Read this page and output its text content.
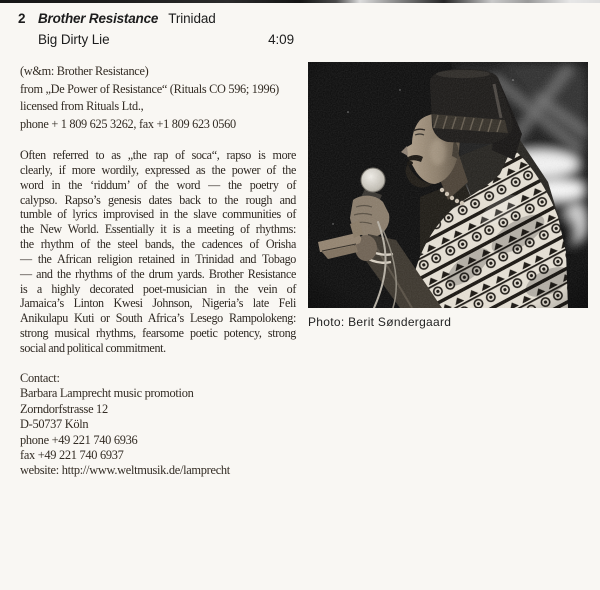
2 Brother Resistance Trinidad
Big Dirty Lie	4:09
(w&m: Brother Resistance)
from „De Power of Resistance“ (Rituals CO 596; 1996)
licensed from Rituals Ltd.,
phone + 1 809 625 3262, fax +1 809 623 0560
Often referred to as „the rap of soca“, rapso is more
clearly, if more wordily, expressed as the power of the
word in the ‘riddum’ of the word — the poetry of
calypso. Rapso’s genesis dates back to the rough and
tumble of lyrics improvised in the slave communities of
the New World. Essentially it is a meeting of rhythms:
the rhythm of the steel bands, the cadences of Orisha
— the African religion retained in Trinidad and Tobago
— and the rhythms of the drum yards. Brother Resistance
is a highly decorated poet-musician in the vein of
Jamaica’s Linton Kwesi Johnson, Nigeria’s late Feli
Anikulapu Kuti or South Africa’s Lesego Rampolokeng:
strong musical rhythms, fearsome poetic potency, strong
social and political commitment.
Contact:
Barbara Lamprecht music promotion
Zorndorfstrasse 12
D-50737 Köln
phone +49 221 740 6936
fax +49 221 740 6937
website: http://www.weltmusik.de/lamprecht
Photo: Berit Søndergaard
